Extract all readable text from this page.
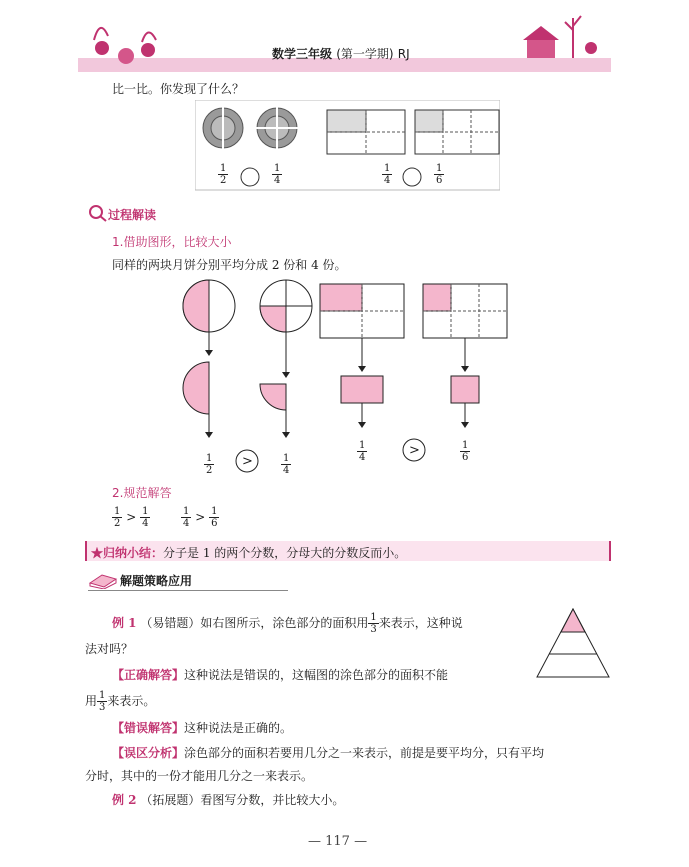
数学三年级 (第一学期) RJ
比一比。你发现了什么？
$\frac{1}{2}$	$\frac{1}{4}$	$\frac{1}{4}$	$\frac{1}{6}$
过程解读
1.借助图形，比较大小
同样的两块月饼分别平均分成 2 份和 4 份。
>
>
$\frac{1}{2}$	$\frac{1}{4}$
$\frac{1}{4}$	$\frac{1}{6}$
2.规范解答
$\frac{1}{2} > \frac{1}{4}$	$\frac{1}{4} > \frac{1}{6}$
★归纳小结：分子是 1 的两个分数，分母大的分数反而小。
解题策略应用
例 1 （易错题）如右图所示，涂色部分的面积用 $\frac{1}{3}$ 来表示，这种说
法对吗？
【正确解答】这种说法是错误的，这幅图的涂色部分的面积不能
用 $\frac{1}{3}$ 来表示。
【错误解答】这种说法是正确的。
【误区分析】涂色部分的面积若要用几分之一来表示，前提是要平均分，只有平均
分时，其中的一份才能用几分之一来表示。
例 2 （拓展题）看图写分数，并比较大小。
— 117 —
